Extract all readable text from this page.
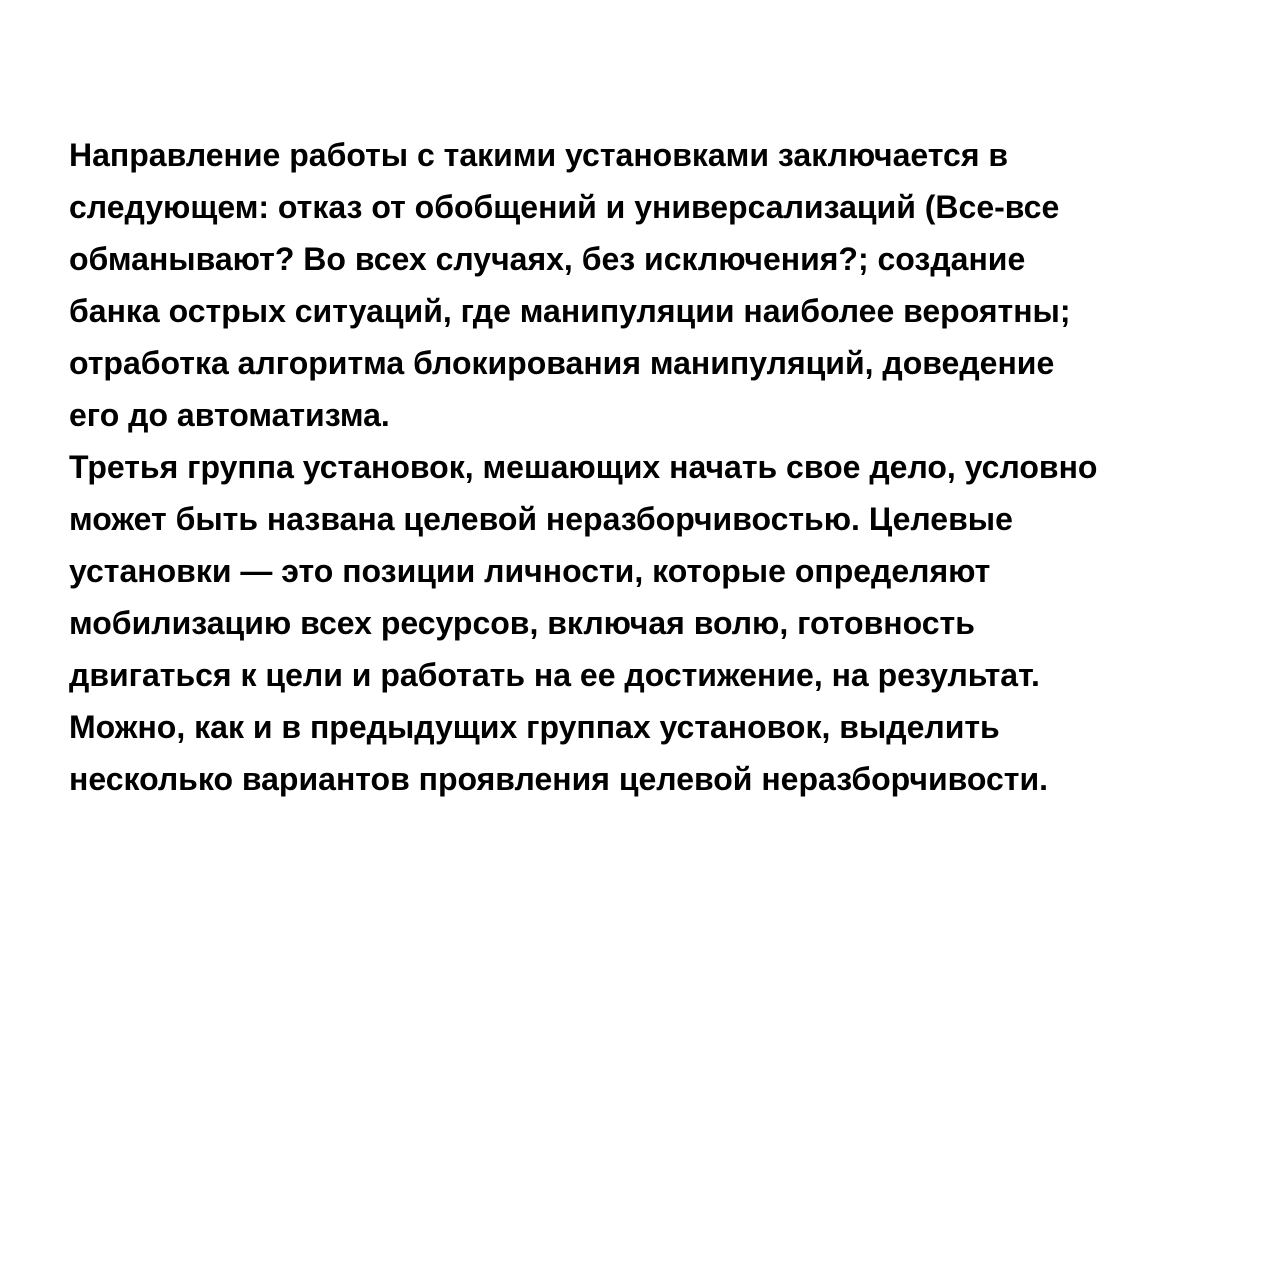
Направление работы с такими установками заключается в
следующем: отказ от обобщений и универсализаций (Все-все
обманывают? Во всех случаях, без исключения?; создание
банка острых ситуаций, где манипуляции наиболее вероятны;
отработка алгоритма блокирования манипуляций, доведение
его до автоматизма.
Третья группа установок, мешающих начать свое дело, условно
может быть названа целевой неразборчивостью. Целевые
установки — это позиции личности, которые определяют
мобилизацию всех ресурсов, включая волю, готовность
двигаться к цели и работать на ее достижение, на результат.
Можно, как и в предыдущих группах установок, выделить
несколько вариантов проявления целевой неразборчивости.
